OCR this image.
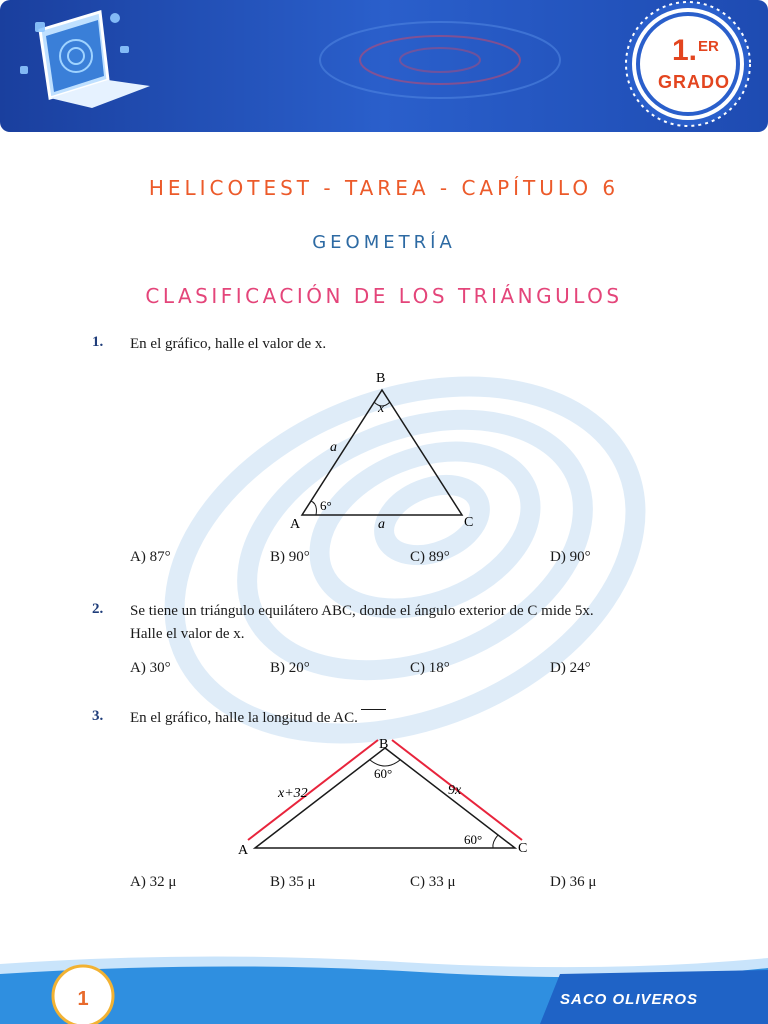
1. ER
GRADO
HELICOTEST - TAREA - CAPÍTULO 6
GEOMETRÍA
CLASIFICACIÓN DE LOS TRIÁNGULOS
1. En el gráfico, halle el valor de x.
B
A	C
x
6°
a
a
A) 87°	B) 90°	C) 89°	D) 90°
2. Se tiene un triángulo equilátero ABC, donde el ángulo exterior de C mide 5x.
Halle el valor de x.
A) 30°	B) 20°	C) 18°	D) 24°
3. En el gráfico, halle la longitud de AC.
B
A	C
60°
60°
x+32	9x
A) 32 μ	B) 35 μ	C) 33 μ	D) 36 μ
1	SACO OLIVEROS
